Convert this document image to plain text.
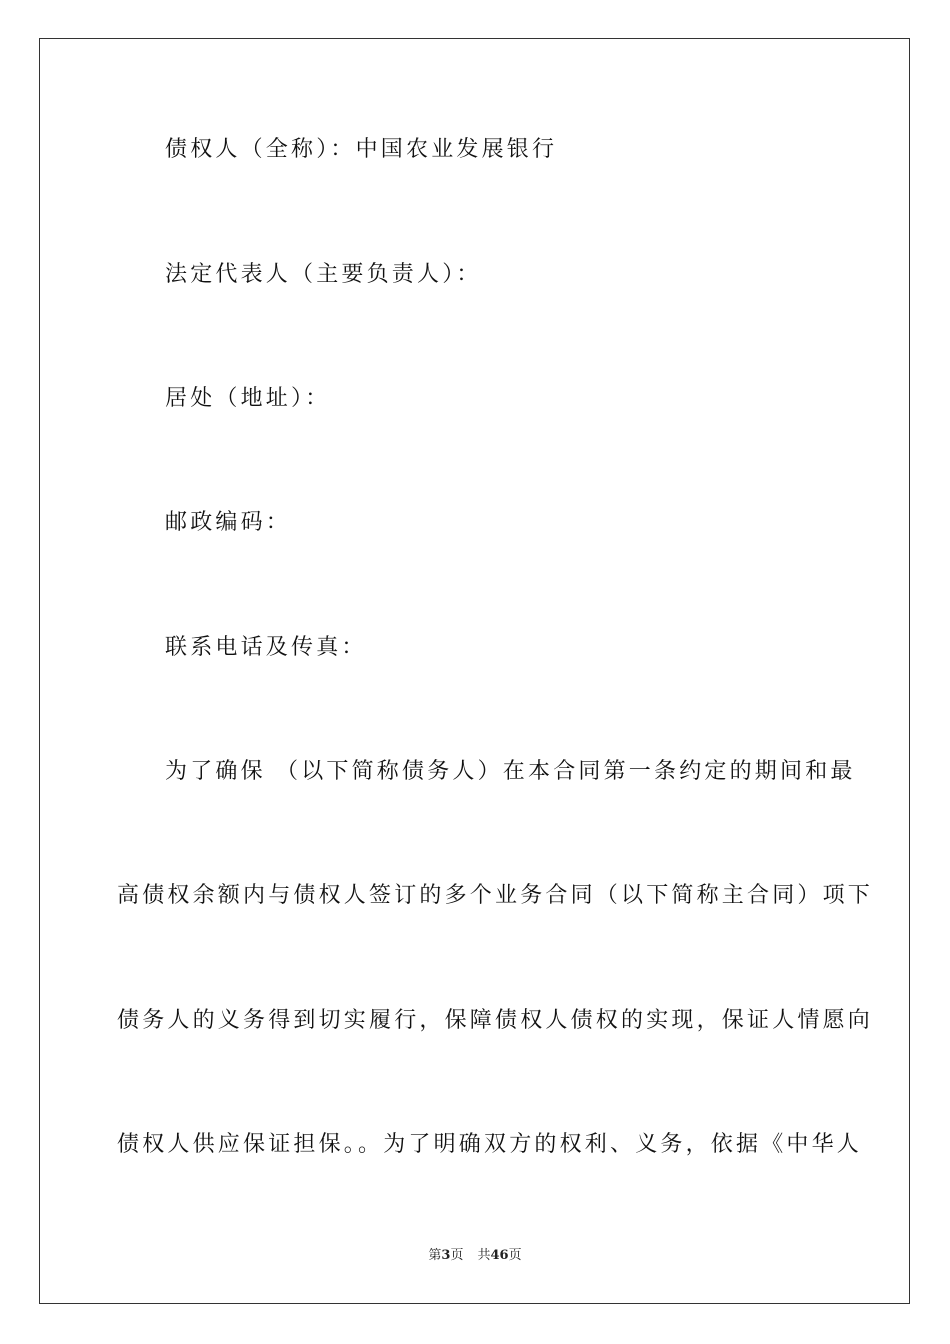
债权人（全称）：中国农业发展银行
法定代表人（主要负责人）：
居处（地址）：
邮政编码：
联系电话及传真：
为了确保 （以下简称债务人）在本合同第一条约定的期间和最
高债权余额内与债权人签订的多个业务合同（以下简称主合同）项下
债务人的义务得到切实履行，保障债权人债权的实现，保证人情愿向
债权人供应保证担保。。为了明确双方的权利、义务，依据《中华人
第3页 共46页
